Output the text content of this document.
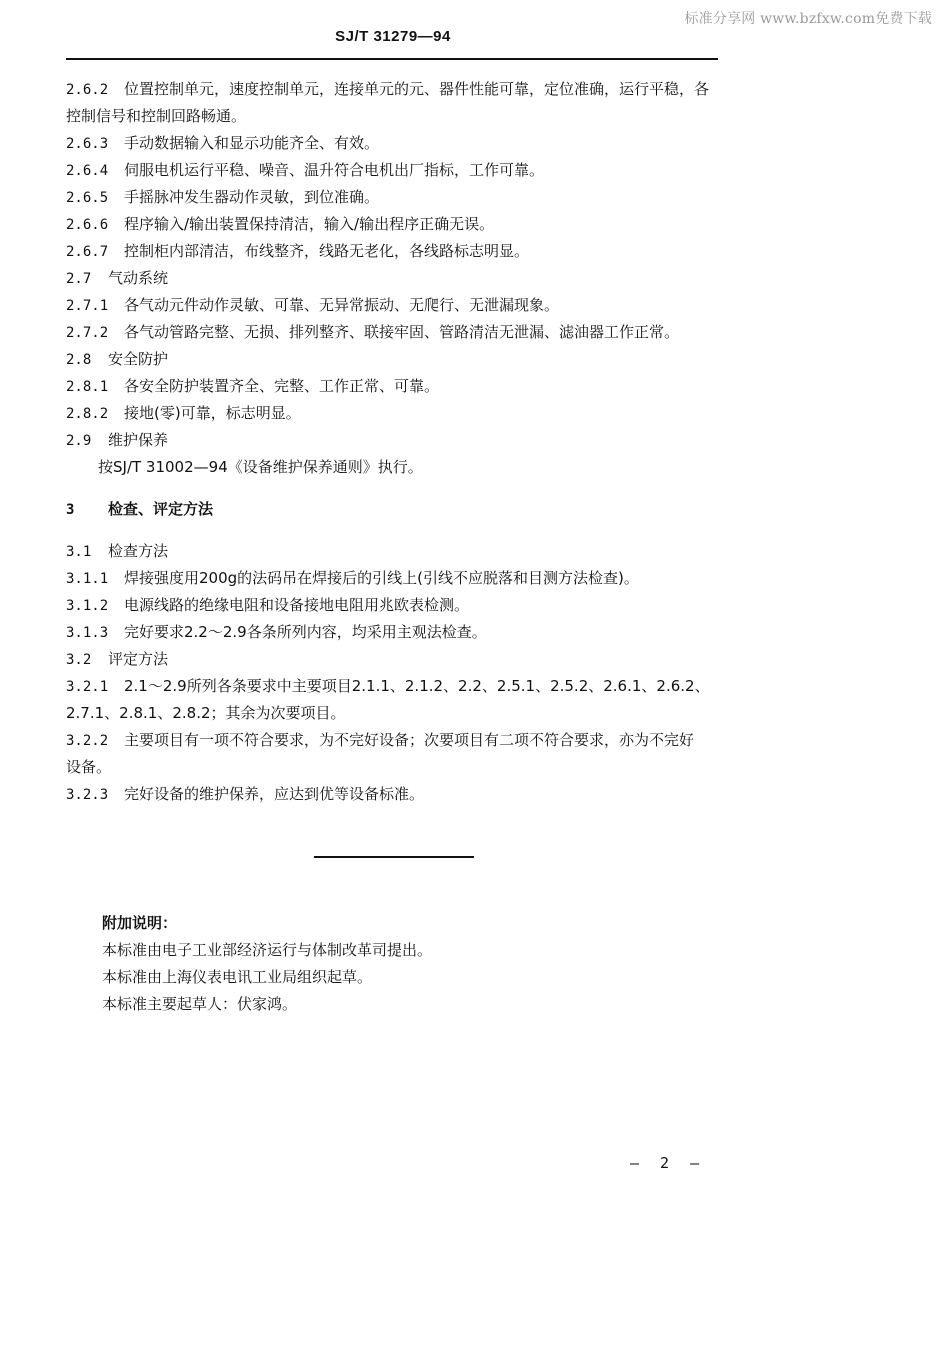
标准分享网 www.bzfxw.com免费下载
SJ/T 31279—94
2.6.2 位置控制单元，速度控制单元，连接单元的元、器件性能可靠，定位准确，运行平稳，各
控制信号和控制回路畅通。
2.6.3 手动数据输入和显示功能齐全、有效。
2.6.4 伺服电机运行平稳、噪音、温升符合电机出厂指标，工作可靠。
2.6.5 手摇脉冲发生器动作灵敏，到位准确。
2.6.6 程序输入/输出装置保持清洁，输入/输出程序正确无误。
2.6.7 控制柜内部清洁，布线整齐，线路无老化，各线路标志明显。
2.7 气动系统
2.7.1 各气动元件动作灵敏、可靠、无异常振动、无爬行、无泄漏现象。
2.7.2 各气动管路完整、无损、排列整齐、联接牢固、管路清洁无泄漏、滤油器工作正常。
2.8 安全防护
2.8.1 各安全防护装置齐全、完整、工作正常、可靠。
2.8.2 接地(零)可靠，标志明显。
2.9 维护保养
按SJ/T 31002—94《设备维护保养通则》执行。
3 检查、评定方法
3.1 检查方法
3.1.1 焊接强度用200g的法码吊在焊接后的引线上(引线不应脱落和目测方法检查)。
3.1.2 电源线路的绝缘电阻和设备接地电阻用兆欧表检测。
3.1.3 完好要求2.2～2.9各条所列内容，均采用主观法检查。
3.2 评定方法
3.2.1 2.1～2.9所列各条要求中主要项目2.1.1、2.1.2、2.2、2.5.1、2.5.2、2.6.1、2.6.2、
2.7.1、2.8.1、2.8.2；其余为次要项目。
3.2.2 主要项目有一项不符合要求，为不完好设备；次要项目有二项不符合要求，亦为不完好
设备。
3.2.3 完好设备的维护保养，应达到优等设备标准。
附加说明：
本标准由电子工业部经济运行与体制改革司提出。
本标准由上海仪表电讯工业局组织起草。
本标准主要起草人：伏家鸿。
— 2 —
